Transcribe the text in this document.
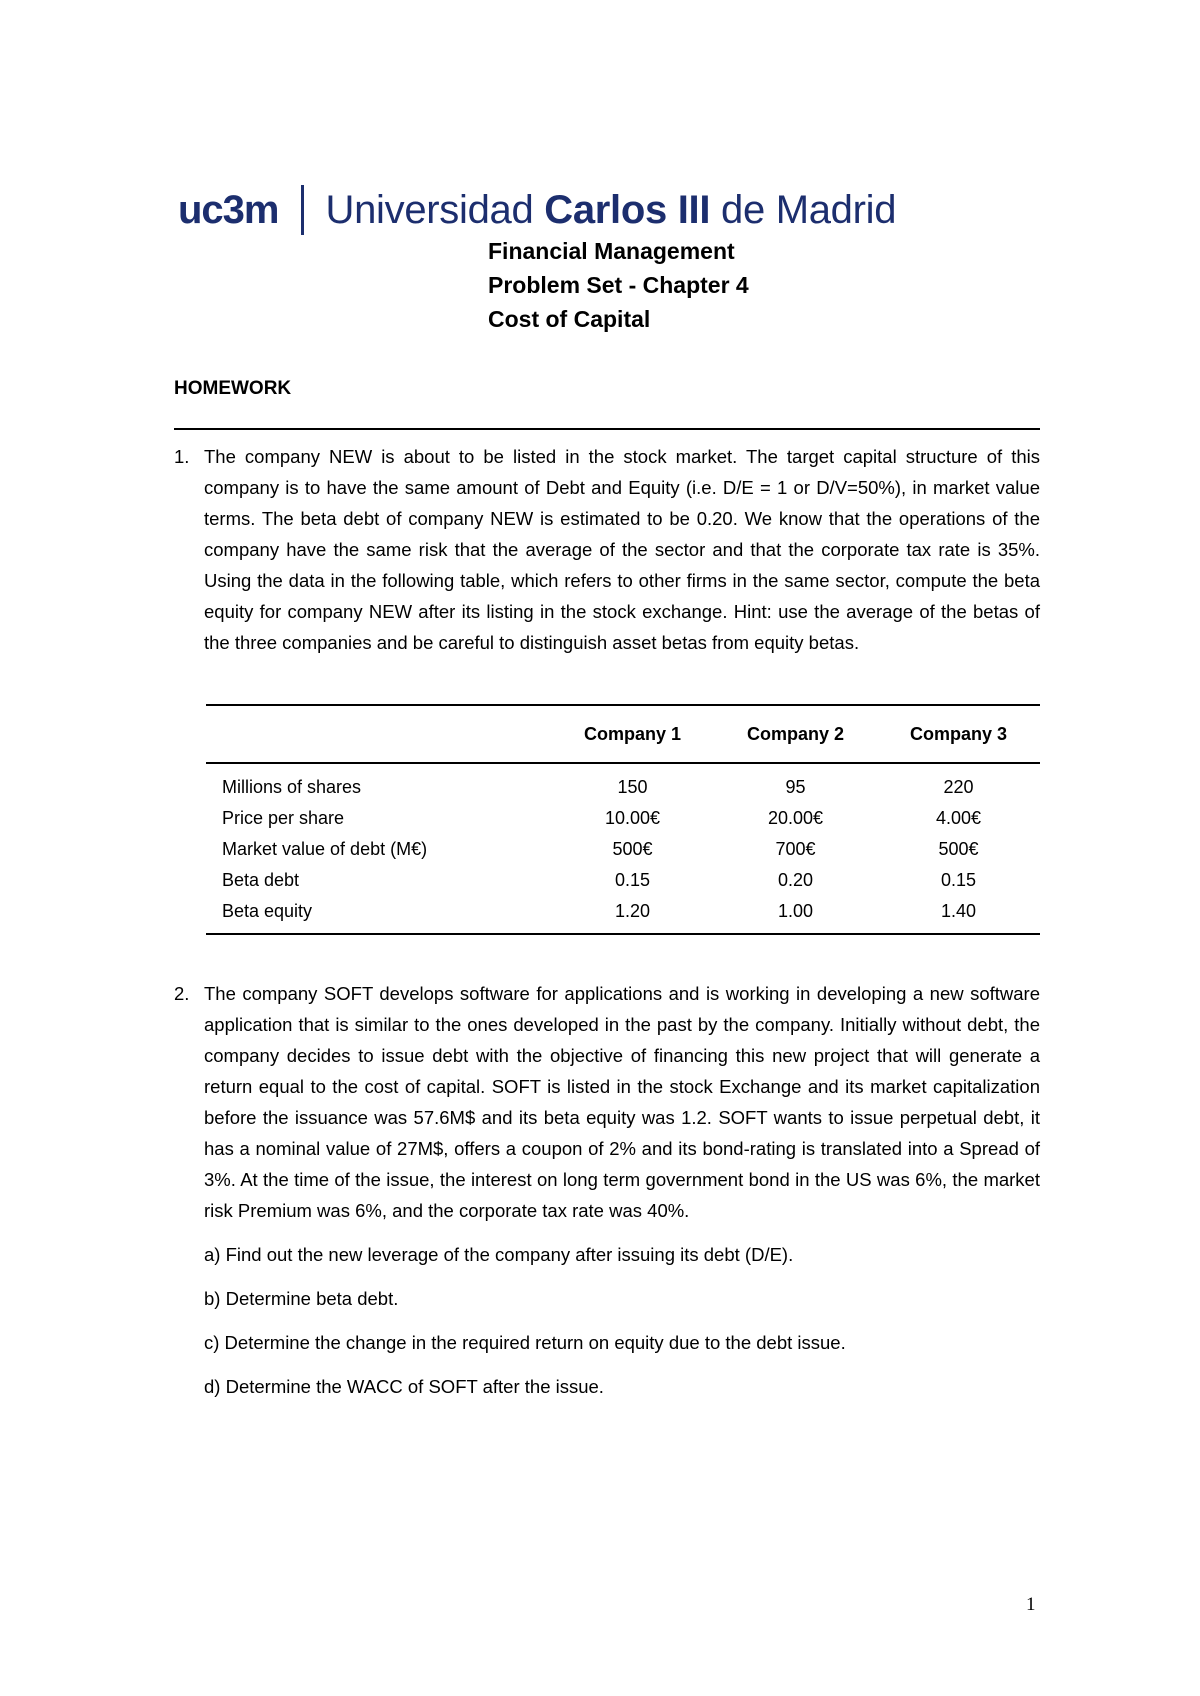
uc3m Universidad Carlos III de Madrid
Financial Management
Problem Set - Chapter 4
Cost of Capital
HOMEWORK
1. The company NEW is about to be listed in the stock market. The target capital structure of this company is to have the same amount of Debt and Equity (i.e. D/E = 1 or D/V=50%), in market value terms. The beta debt of company NEW is estimated to be 0.20. We know that the operations of the company have the same risk that the average of the sector and that the corporate tax rate is 35%. Using the data in the following table, which refers to other firms in the same sector, compute the beta equity for company NEW after its listing in the stock exchange. Hint: use the average of the betas of the three companies and be careful to distinguish asset betas from equity betas.
	Company 1	Company 2	Company 3
Millions of shares	150	95	220
Price per share	10.00€	20.00€	4.00€
Market value of debt (M€)	500€	700€	500€
Beta debt	0.15	0.20	0.15
Beta equity	1.20	1.00	1.40
2. The company SOFT develops software for applications and is working in developing a new software application that is similar to the ones developed in the past by the company. Initially without debt, the company decides to issue debt with the objective of financing this new project that will generate a return equal to the cost of capital. SOFT is listed in the stock Exchange and its market capitalization before the issuance was 57.6M$ and its beta equity was 1.2. SOFT wants to issue perpetual debt, it has a nominal value of 27M$, offers a coupon of 2% and its bond-rating is translated into a Spread of 3%. At the time of the issue, the interest on long term government bond in the US was 6%, the market risk Premium was 6%, and the corporate tax rate was 40%.
a) Find out the new leverage of the company after issuing its debt (D/E).
b) Determine beta debt.
c) Determine the change in the required return on equity due to the debt issue.
d) Determine the WACC of SOFT after the issue.
1
